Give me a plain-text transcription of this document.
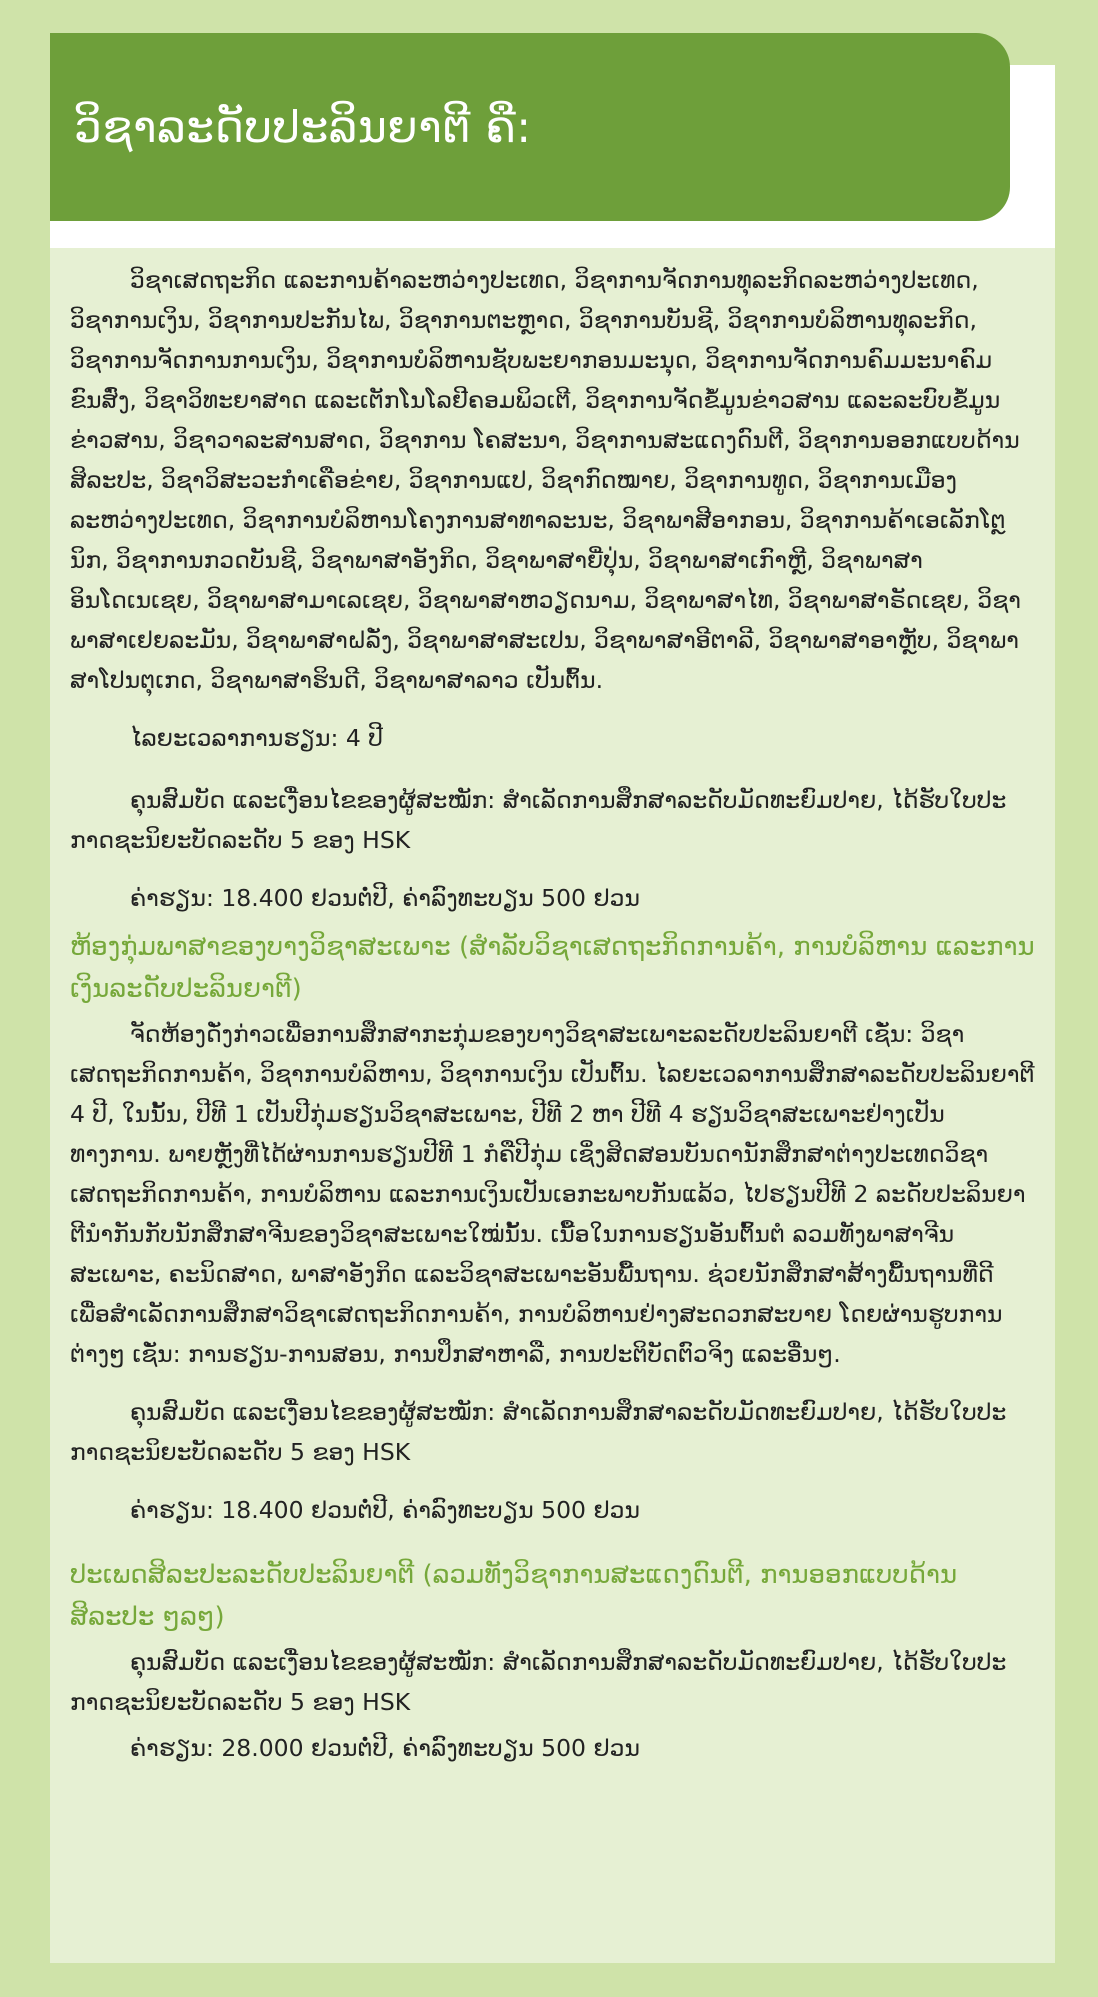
ວິຊາລະດັບປະລິນຍາຕີ ຄື:

ວິຊາເສດຖະກິດ ແລະການຄ້າລະຫວ່າງປະເທດ, ວິຊາການຈັດການທຸລະກິດລະຫວ່າງປະເທດ, ວິຊາການເງິນ, ວິຊາການປະກັນໄພ, ວິຊາການຕະຫຼາດ, ວິຊາການບັນຊີ, ວິຊາການບໍລິຫານທຸລະກິດ, ວິຊາການຈັດການການເງິນ, ວິຊາການບໍລິຫານຊັບພະຍາກອນມະນຸດ, ວິຊາການຈັດການຄົມມະນາຄົມຂົນສົ່ງ, ວິຊາວິທະຍາສາດ ແລະເຕັກໂນໂລຢີຄອມພິວເຕີ, ວິຊາການຈັດຂໍ້ມູນຂ່າວສານ ແລະລະບົບຂໍ້ມູນຂ່າວສານ, ວິຊາວາລະສານສາດ, ວິຊາການ ໂຄສະນາ, ວິຊາການສະແດງດົນຕີ, ວິຊາການອອກແບບດ້ານສິລະປະ, ວິຊາວິສະວະກຳເຄືອຂ່າຍ, ວິຊາການແປ, ວິຊາກົດໝາຍ, ວິຊາການທູດ, ວິຊາການເມືອງລະຫວ່າງປະເທດ, ວິຊາການບໍລິຫານໂຄງການສາທາລະນະ, ວິຊາພາສີອາກອນ, ວິຊາການຄ້າເອເລັກໂຕຼນິກ, ວິຊາການກວດບັນຊີ, ວິຊາພາສາອັງກິດ, ວິຊາພາສາຍີ່ປຸ່ນ, ວິຊາພາສາເກົາຫຼີ, ວິຊາພາສາອິນໂດເນເຊຍ, ວິຊາພາສາມາເລເຊຍ, ວິຊາພາສາຫວຽດນາມ, ວິຊາພາສາໄທ, ວິຊາພາສາຣັດເຊຍ, ວິຊາພາສາເຢຍລະມັນ, ວິຊາພາສາຝລັ່ງ, ວິຊາພາສາສະເປນ, ວິຊາພາສາອີຕາລີ, ວິຊາພາສາອາຫຼັບ, ວິຊາພາສາໂປນຕຸເກດ, ວິຊາພາສາຮິນດີ, ວິຊາພາສາລາວ ເປັນຕົ້ນ.

ໄລຍະເວລາການຮຽນ: 4 ປີ

ຄຸນສົມບັດ ແລະເງື່ອນໄຂຂອງຜູ້ສະໝັກ: ສຳເລັດການສຶກສາລະດັບມັດທະຍົມປາຍ, ໄດ້ຮັບໃບປະກາດຊະນິຍະບັດລະດັບ 5 ຂອງ HSK

ຄ່າຮຽນ: 18.400 ຢວນຕໍ່ປີ, ຄ່າລົງທະບຽນ 500 ຢວນ

ຫ້ອງກຸ່ມພາສາຂອງບາງວິຊາສະເພາະ (ສຳລັບວິຊາເສດຖະກິດການຄ້າ, ການບໍລິຫານ ແລະການເງິນລະດັບປະລິນຍາຕີ)

ຈັດຫ້ອງດັ່ງກ່າວເພື່ອການສຶກສາກະກຸ່ມຂອງບາງວິຊາສະເພາະລະດັບປະລິນຍາຕີ ເຊັ່ນ: ວິຊາເສດຖະກິດການຄ້າ, ວິຊາການບໍລິຫານ, ວິຊາການເງິນ ເປັນຕົ້ນ. ໄລຍະເວລາການສຶກສາລະດັບປະລິນຍາຕີ 4 ປີ, ໃນນັ້ນ, ປີທີ 1 ເປັນປີກຸ່ມຮຽນວິຊາສະເພາະ, ປີທີ 2 ຫາ ປີທີ 4 ຮຽນວິຊາສະເພາະຢ່າງເປັນທາງການ. ພາຍຫຼັງທີ່ໄດ້ຜ່ານການຮຽນປີທີ 1 ກໍຄືປີກຸ່ມ ເຊິ່ງສິດສອນບັນດານັກສຶກສາຕ່າງປະເທດວິຊາເສດຖະກິດການຄ້າ, ການບໍລິຫານ ແລະການເງິນເປັນເອກະພາບກັນແລ້ວ, ໄປຮຽນປີທີ 2 ລະດັບປະລິນຍາຕີນຳກັນກັບນັກສຶກສາຈີນຂອງວິຊາສະເພາະໃໝ່ນັ້ນ. ເນື້ອໃນການຮຽນອັນຕົ້ນຕໍ ລວມທັງພາສາຈີນສະເພາະ, ຄະນິດສາດ, ພາສາອັງກິດ ແລະວິຊາສະເພາະອັນພື້ນຖານ. ຊ່ວຍນັກສຶກສາສ້າງພື້ນຖານທີ່ດີ ເພື່ອສຳເລັດການສຶກສາວິຊາເສດຖະກິດການຄ້າ, ການບໍລິຫານຢ່າງສະດວກສະບາຍ ໂດຍຜ່ານຮູບການຕ່າງໆ ເຊັ່ນ: ການຮຽນ-ການສອນ, ການປຶກສາຫາລື, ການປະຕິບັດຕົວຈິງ ແລະອື່ນໆ.

ຄຸນສົມບັດ ແລະເງື່ອນໄຂຂອງຜູ້ສະໝັກ: ສຳເລັດການສຶກສາລະດັບມັດທະຍົມປາຍ, ໄດ້ຮັບໃບປະກາດຊະນິຍະບັດລະດັບ 5 ຂອງ HSK

ຄ່າຮຽນ: 18.400 ຢວນຕໍ່ປີ, ຄ່າລົງທະບຽນ 500 ຢວນ

ປະເພດສິລະປະລະດັບປະລິນຍາຕີ (ລວມທັງວິຊາການສະແດງດົນຕີ, ການອອກແບບດ້ານສິລະປະ ໆລໆ)

ຄຸນສົມບັດ ແລະເງື່ອນໄຂຂອງຜູ້ສະໝັກ: ສຳເລັດການສຶກສາລະດັບມັດທະຍົມປາຍ, ໄດ້ຮັບໃບປະກາດຊະນິຍະບັດລະດັບ 5 ຂອງ HSK

ຄ່າຮຽນ: 28.000 ຢວນຕໍ່ປີ, ຄ່າລົງທະບຽນ 500 ຢວນ
